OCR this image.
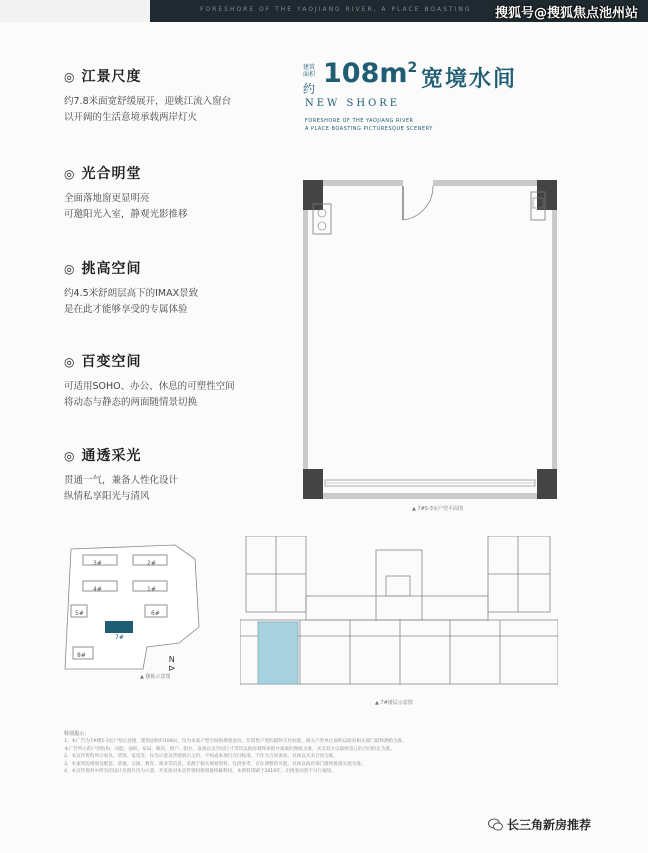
FORESHORE OF THE YAOJIANG RIVER, A PLACE BOASTING 搜狐号@搜狐焦点池州站
◎ 江景尺度
约7.8米面宽舒缓展开，迎姚江流入窗台
以开阔的生活意境承载两岸灯火
◎ 光合明堂
全面落地窗更显明亮
可邀阳光入室，静观光影推移
◎ 挑高空间
约4.5米舒朗层高下的IMAX景致
是在此才能够享受的专属体验
◎ 百变空间
可适用SOHO、办公、休息的可塑性空间
将动态与静态的两面随情景切换
◎ 通透采光
贯通一气，兼备人性化设计
纵情私享阳光与清风
建筑面积
约 $108m^2$ 宽境水间
NEW SHORE
FORESHORE OF THE YAOJIANG RIVER
A PLACE BOASTING PICTURESQUE SCENERY
▲ 7#5-3室户型平面图
3#	2#
4#	1#
5#	6#
7#
8#	N
⊳
▲ 楼栋示意图
▲ 7#楼层示意图
特别提示：
1、本广告为7#楼5-3室户型示意图，建筑面积约108㎡，仅为本案户型空间的规划意向，非销售户型的最终交付标准，相关户型单位面积以政府相关部门最终测绘为准。
本广告所示的户型结构、功能、面积、布局、朝向、窗户、阳台、设备以及空间尺寸等均以政府最终审批并备案的图纸为准，买卖双方以最终签订的合同约定为准。
2、本宣传资料所示家具、装饰、家电等，仅为示意及营销展示之用，不构成本项目交付标准，不作为合同条款，具体以买卖合同为准。
3、本案周边规划及配套、景观、交通、教育、商业等信息，来源于相关规划资料，仅供参考，存在调整的可能，具体以政府部门最终批准实施为准。
4、本宣传资料中所有的设计及图片仅为示意，开发商对本宣传资料保留最终解释权，本资料印刷于2019年，出现变动恕不另行通知。
长三角新房推荐
